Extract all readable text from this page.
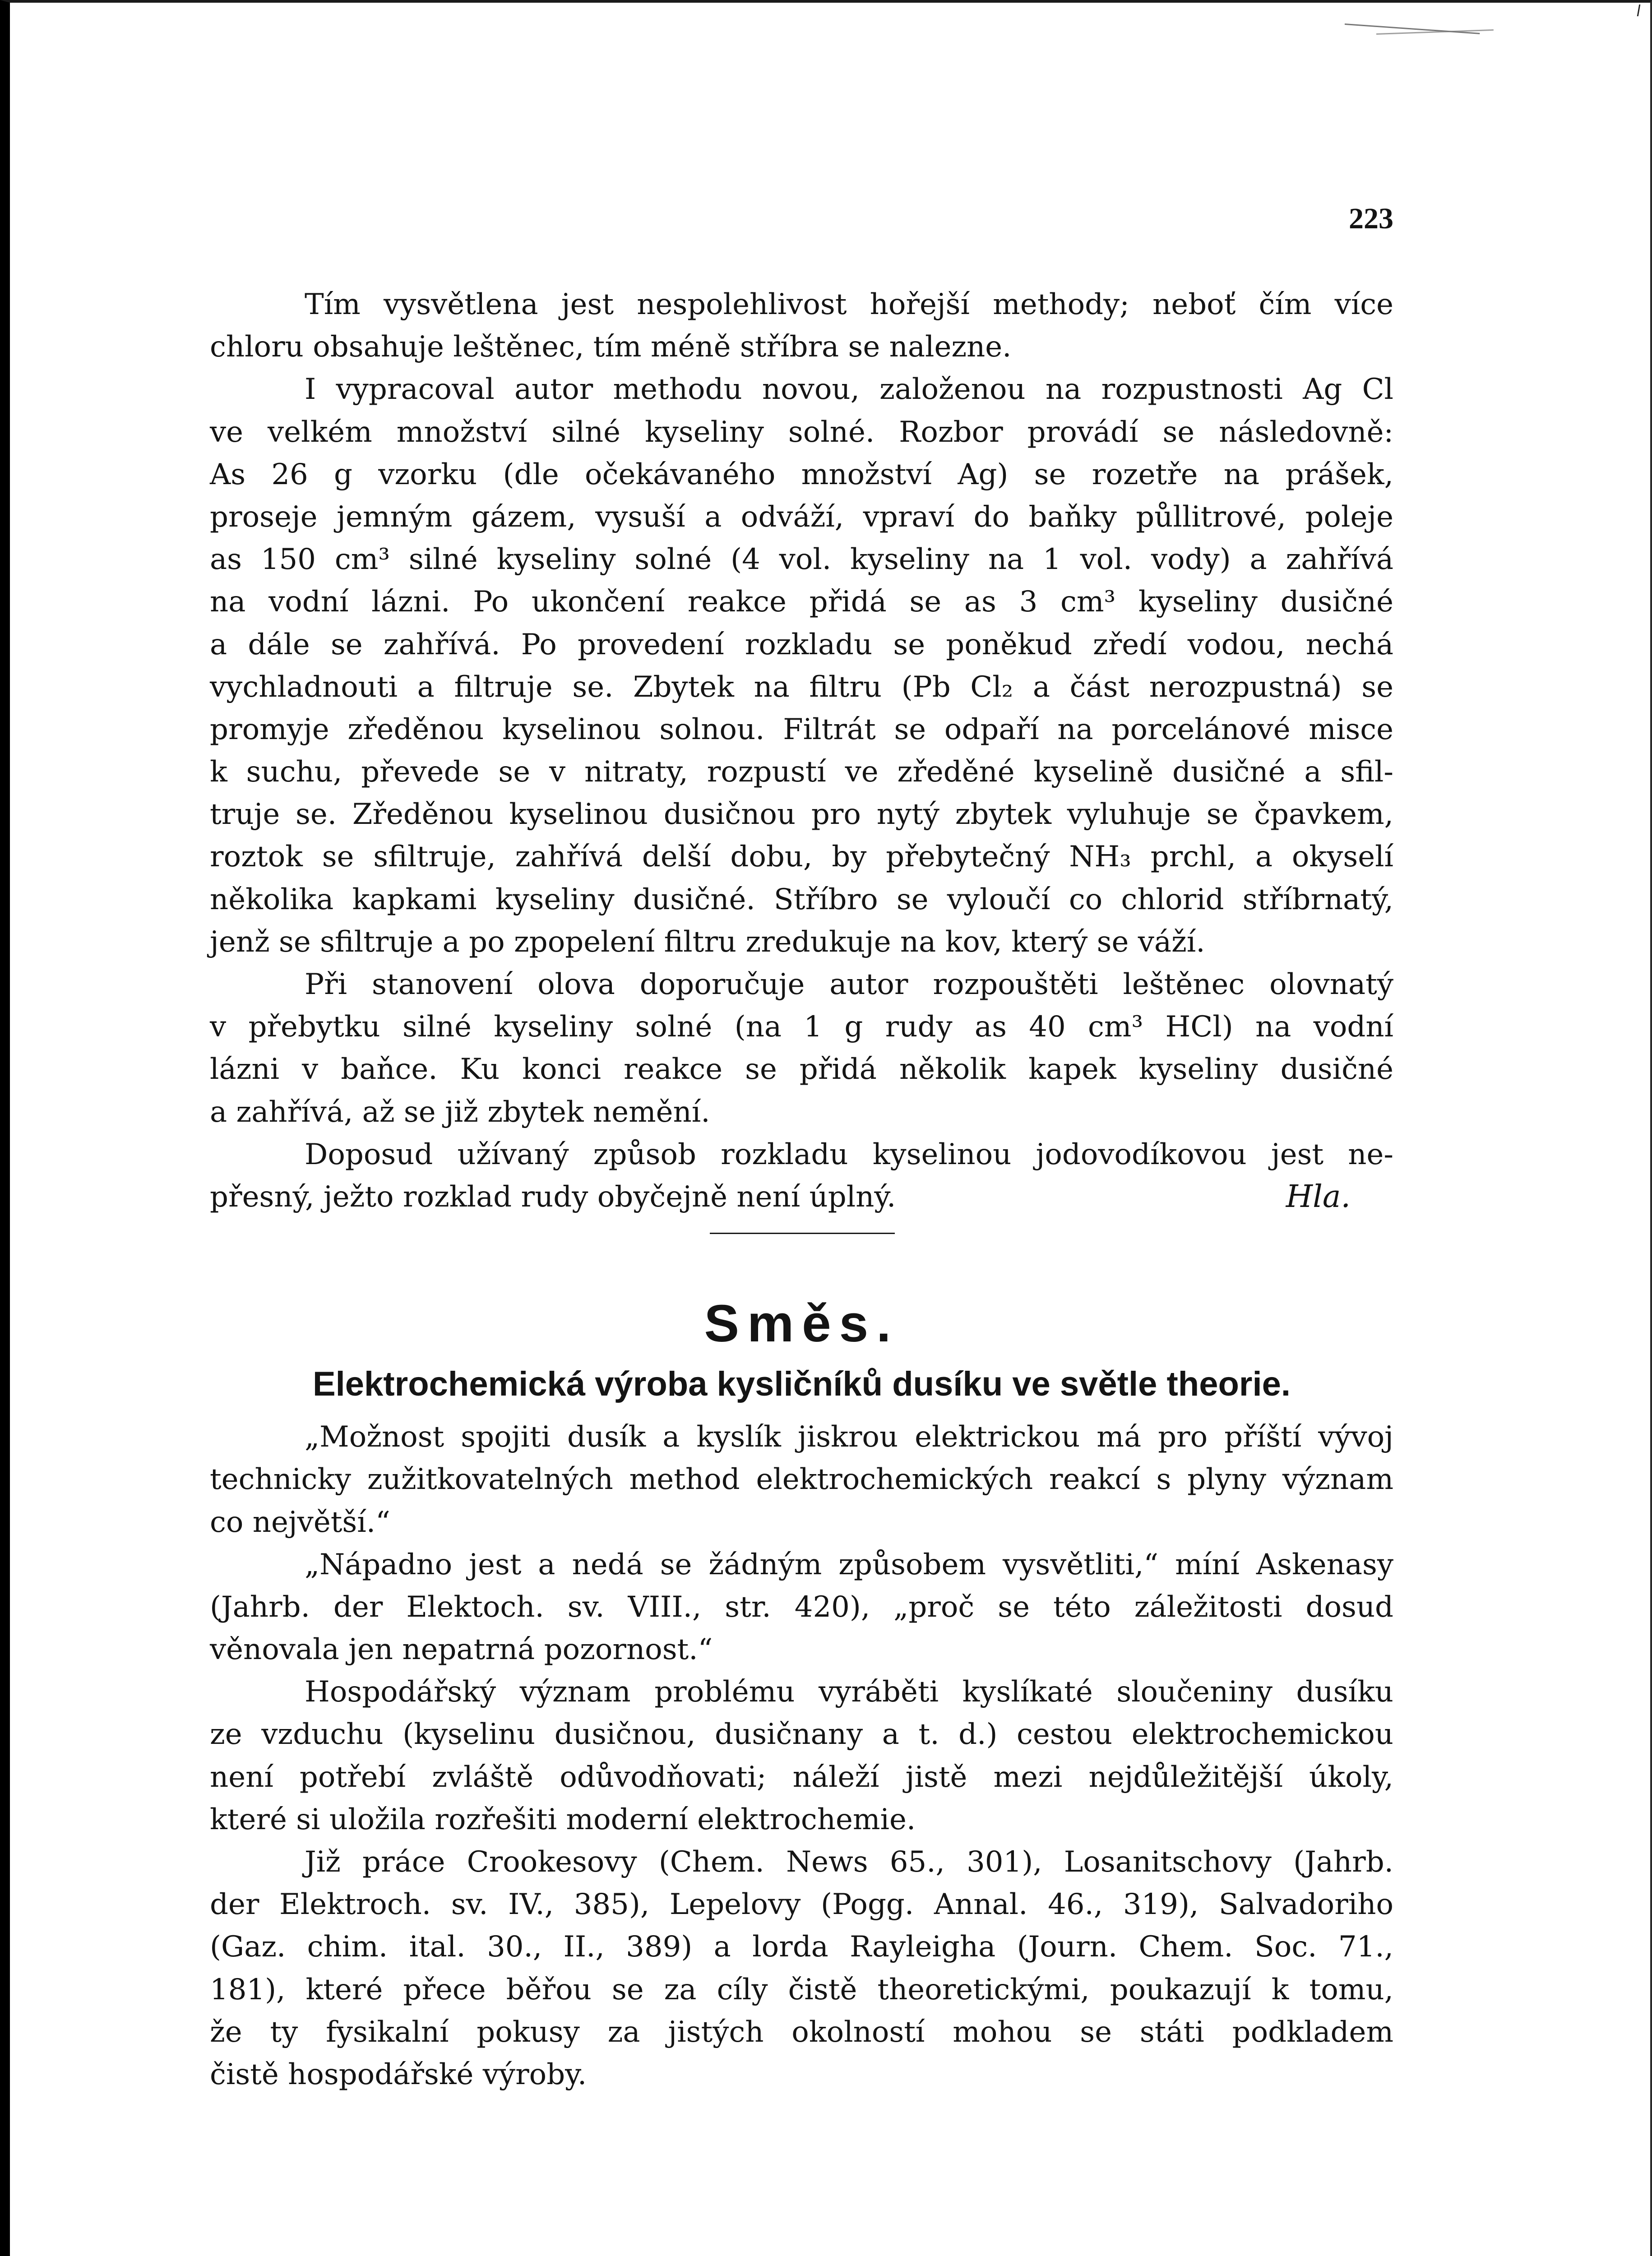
223
Tím vysvětlena jest nespolehlivost hořejší methody; neboť čím více
chloru obsahuje leštěnec, tím méně stříbra se nalezne.
I vypracoval autor methodu novou, založenou na rozpustnosti Ag Cl
ve velkém množství silné kyseliny solné. Rozbor provádí se následovně:
As 26 g vzorku (dle očekávaného množství Ag) se rozetře na prášek,
proseje jemným gázem, vysuší a odváží, vpraví do baňky půllitrové, poleje
as 150 cm³ silné kyseliny solné (4 vol. kyseliny na 1 vol. vody) a zahřívá
na vodní lázni. Po ukončení reakce přidá se as 3 cm³ kyseliny dusičné
a dále se zahřívá. Po provedení rozkladu se poněkud zředí vodou, nechá
vychladnouti a filtruje se. Zbytek na filtru (Pb Cl₂ a část nerozpustná) se
promyje zředěnou kyselinou solnou. Filtrát se odpaří na porcelánové misce
k suchu, převede se v nitraty, rozpustí ve zředěné kyselině dusičné a sfil-
truje se. Zředěnou kyselinou dusičnou pro nytý zbytek vyluhuje se čpavkem,
roztok se sfiltruje, zahřívá delší dobu, by přebytečný NH₃ prchl, a okyselí
několika kapkami kyseliny dusičné. Stříbro se vyloučí co chlorid stříbrnatý,
jenž se sfiltruje a po zpopelení filtru zredukuje na kov, který se váží.
Při stanovení olova doporučuje autor rozpouštěti leštěnec olovnatý
v přebytku silné kyseliny solné (na 1 g rudy as 40 cm³ HCl) na vodní
lázni v baňce. Ku konci reakce se přidá několik kapek kyseliny dusičné
a zahřívá, až se již zbytek nemění.
Doposud užívaný způsob rozkladu kyselinou jodovodíkovou jest ne-
přesný, ježto rozklad rudy obyčejně není úplný.	Hla.
Směs.
Elektrochemická výroba kysličníků dusíku ve světle theorie.
„Možnost spojiti dusík a kyslík jiskrou elektrickou má pro příští vývoj
technicky zužitkovatelných method elektrochemických reakcí s plyny význam
co největší.“
„Nápadno jest a nedá se žádným způsobem vysvětliti,“ míní Askenasy
(Jahrb. der Elektoch. sv. VIII., str. 420), „proč se této záležitosti dosud
věnovala jen nepatrná pozornost.“
Hospodářský význam problému vyráběti kyslíkaté sloučeniny dusíku
ze vzduchu (kyselinu dusičnou, dusičnany a t. d.) cestou elektrochemickou
není potřebí zvláště odůvodňovati; náleží jistě mezi nejdůležitější úkoly,
které si uložila rozřešiti moderní elektrochemie.
Již práce Crookesovy (Chem. News 65., 301), Losanitschovy (Jahrb.
der Elektroch. sv. IV., 385), Lepelovy (Pogg. Annal. 46., 319), Salvadoriho
(Gaz. chim. ital. 30., II., 389) a lorda Rayleigha (Journ. Chem. Soc. 71.,
181), které přece běřou se za cíly čistě theoretickými, poukazují k tomu,
že ty fysikalní pokusy za jistých okolností mohou se státi podkladem
čistě hospodářské výroby.
